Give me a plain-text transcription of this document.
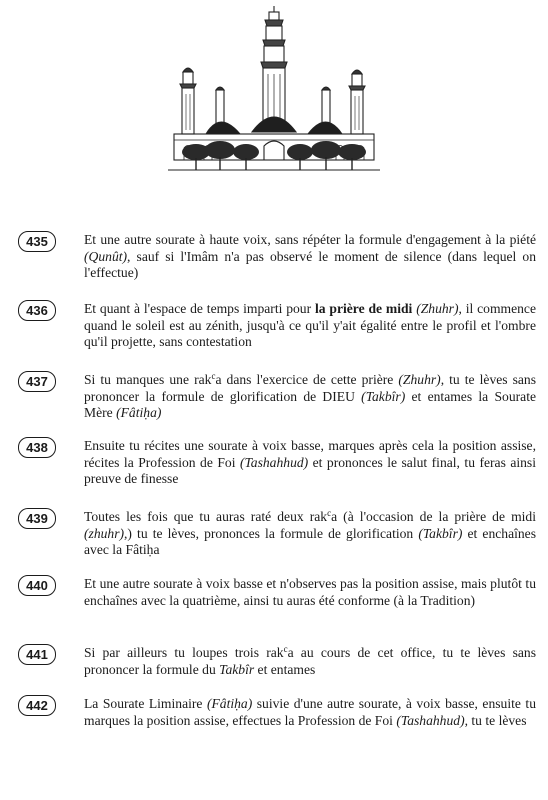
435	Et une autre sourate à haute voix, sans répéter la formule d'engagement à la piété (Qunût), sauf si l'Imâm n'a pas observé le moment de silence (dans lequel on l'effectue)
436	Et quant à l'espace de temps imparti pour la prière de midi (Zhuhr), il commence quand le soleil est au zénith, jusqu'à ce qu'il y'ait égalité entre le profil et l'ombre qu'il projette, sans contestation
437	Si tu manques une rak$^c$a dans l'exercice de cette prière (Zhuhr), tu te lèves sans prononcer la formule de glorification de DIEU (Takbîr) et entames la Sourate Mère (Fâtiḥa)
438	Ensuite tu récites une sourate à voix basse, marques après cela la position assise, récites la Profession de Foi (Tashahhud) et prononces le salut final, tu feras ainsi preuve de finesse
439	Toutes les fois que tu auras raté deux rak$^c$a (à l'occasion de la prière de midi (zhuhr),) tu te lèves, prononces la formule de glorification (Takbîr) et enchaînes avec la Fâtiḥa
440	Et une autre sourate à voix basse et n'observes pas la position assise, mais plutôt tu enchaînes avec la quatrième, ainsi tu auras été conforme (à la Tradition)
441	Si par ailleurs tu loupes trois rak$^c$a au cours de cet office, tu te lèves sans prononcer la formule du Takbîr et entames
442	La Sourate Liminaire (Fâtiḥa) suivie d'une autre sourate, à voix basse, ensuite tu marques la position assise, effectues la Profession de Foi (Tashahhud), tu te lèves
